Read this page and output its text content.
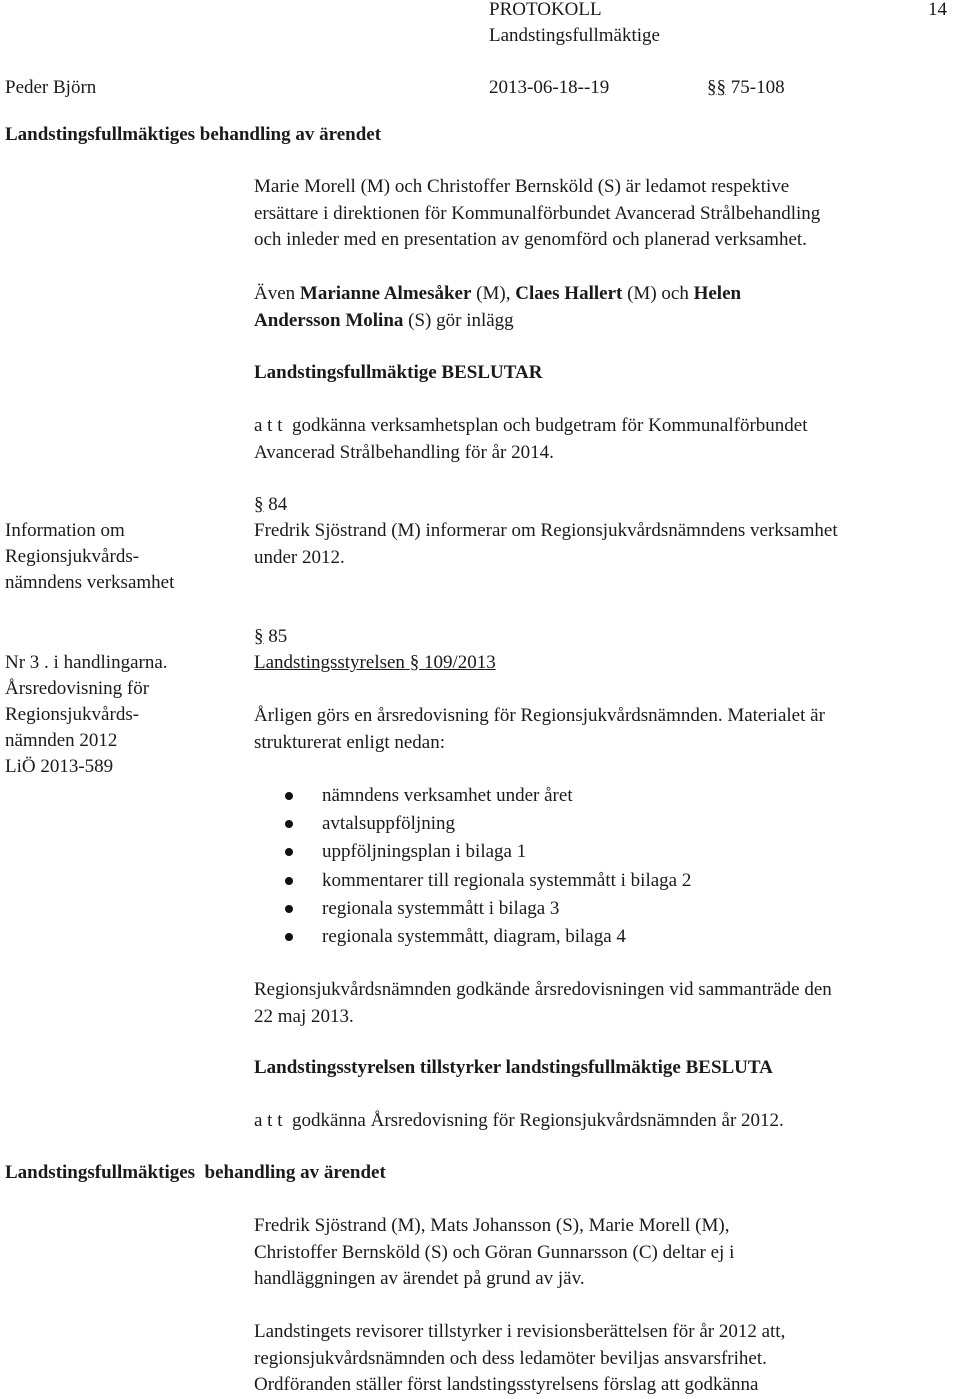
PROTOKOLL	14
Landstingsfullmäktige
Peder Björn	2013-06-18--19	§§ 75-108
Landstingsfullmäktiges behandling av ärendet
Marie Morell (M) och Christoffer Bernsköld (S) är ledamot respektive
ersättare i direktionen för Kommunalförbundet Avancerad Strålbehandling
och inleder med en presentation av genomförd och planerad verksamhet.
Även Marianne Almesåker (M), Claes Hallert (M) och Helen
Andersson Molina (S) gör inlägg
Landstingsfullmäktige BESLUTAR
a t t  godkänna verksamhetsplan och budgetram för Kommunalförbundet
Avancerad Strålbehandling för år 2014.
§ 84
Information om
Regionsjukvårds-
nämndens verksamhet
Fredrik Sjöstrand (M) informerar om Regionsjukvårdsnämndens verksamhet
under 2012.
§ 85
Nr 3 . i handlingarna.
Årsredovisning för
Regionsjukvårds-
nämnden 2012
LiÖ 2013-589
Landstingsstyrelsen § 109/2013
Årligen görs en årsredovisning för Regionsjukvårdsnämnden. Materialet är
strukturerat enligt nedan:
nämndens verksamhet under året
avtalsuppföljning
uppföljningsplan i bilaga 1
kommentarer till regionala systemmått i bilaga 2
regionala systemmått i bilaga 3
regionala systemmått, diagram, bilaga 4
Regionsjukvårdsnämnden godkände årsredovisningen vid sammanträde den
22 maj 2013.
Landstingsstyrelsen tillstyrker landstingsfullmäktige BESLUTA
a t t  godkänna Årsredovisning för Regionsjukvårdsnämnden år 2012.
Landstingsfullmäktiges  behandling av ärendet
Fredrik Sjöstrand (M), Mats Johansson (S), Marie Morell (M),
Christoffer Bernsköld (S) och Göran Gunnarsson (C) deltar ej i
handläggningen av ärendet på grund av jäv.
Landstingets revisorer tillstyrker i revisionsberättelsen för år 2012 att,
regionsjukvårdsnämnden och dess ledamöter beviljas ansvarsfrihet.
Ordföranden ställer först landstingsstyrelsens förslag att godkänna
